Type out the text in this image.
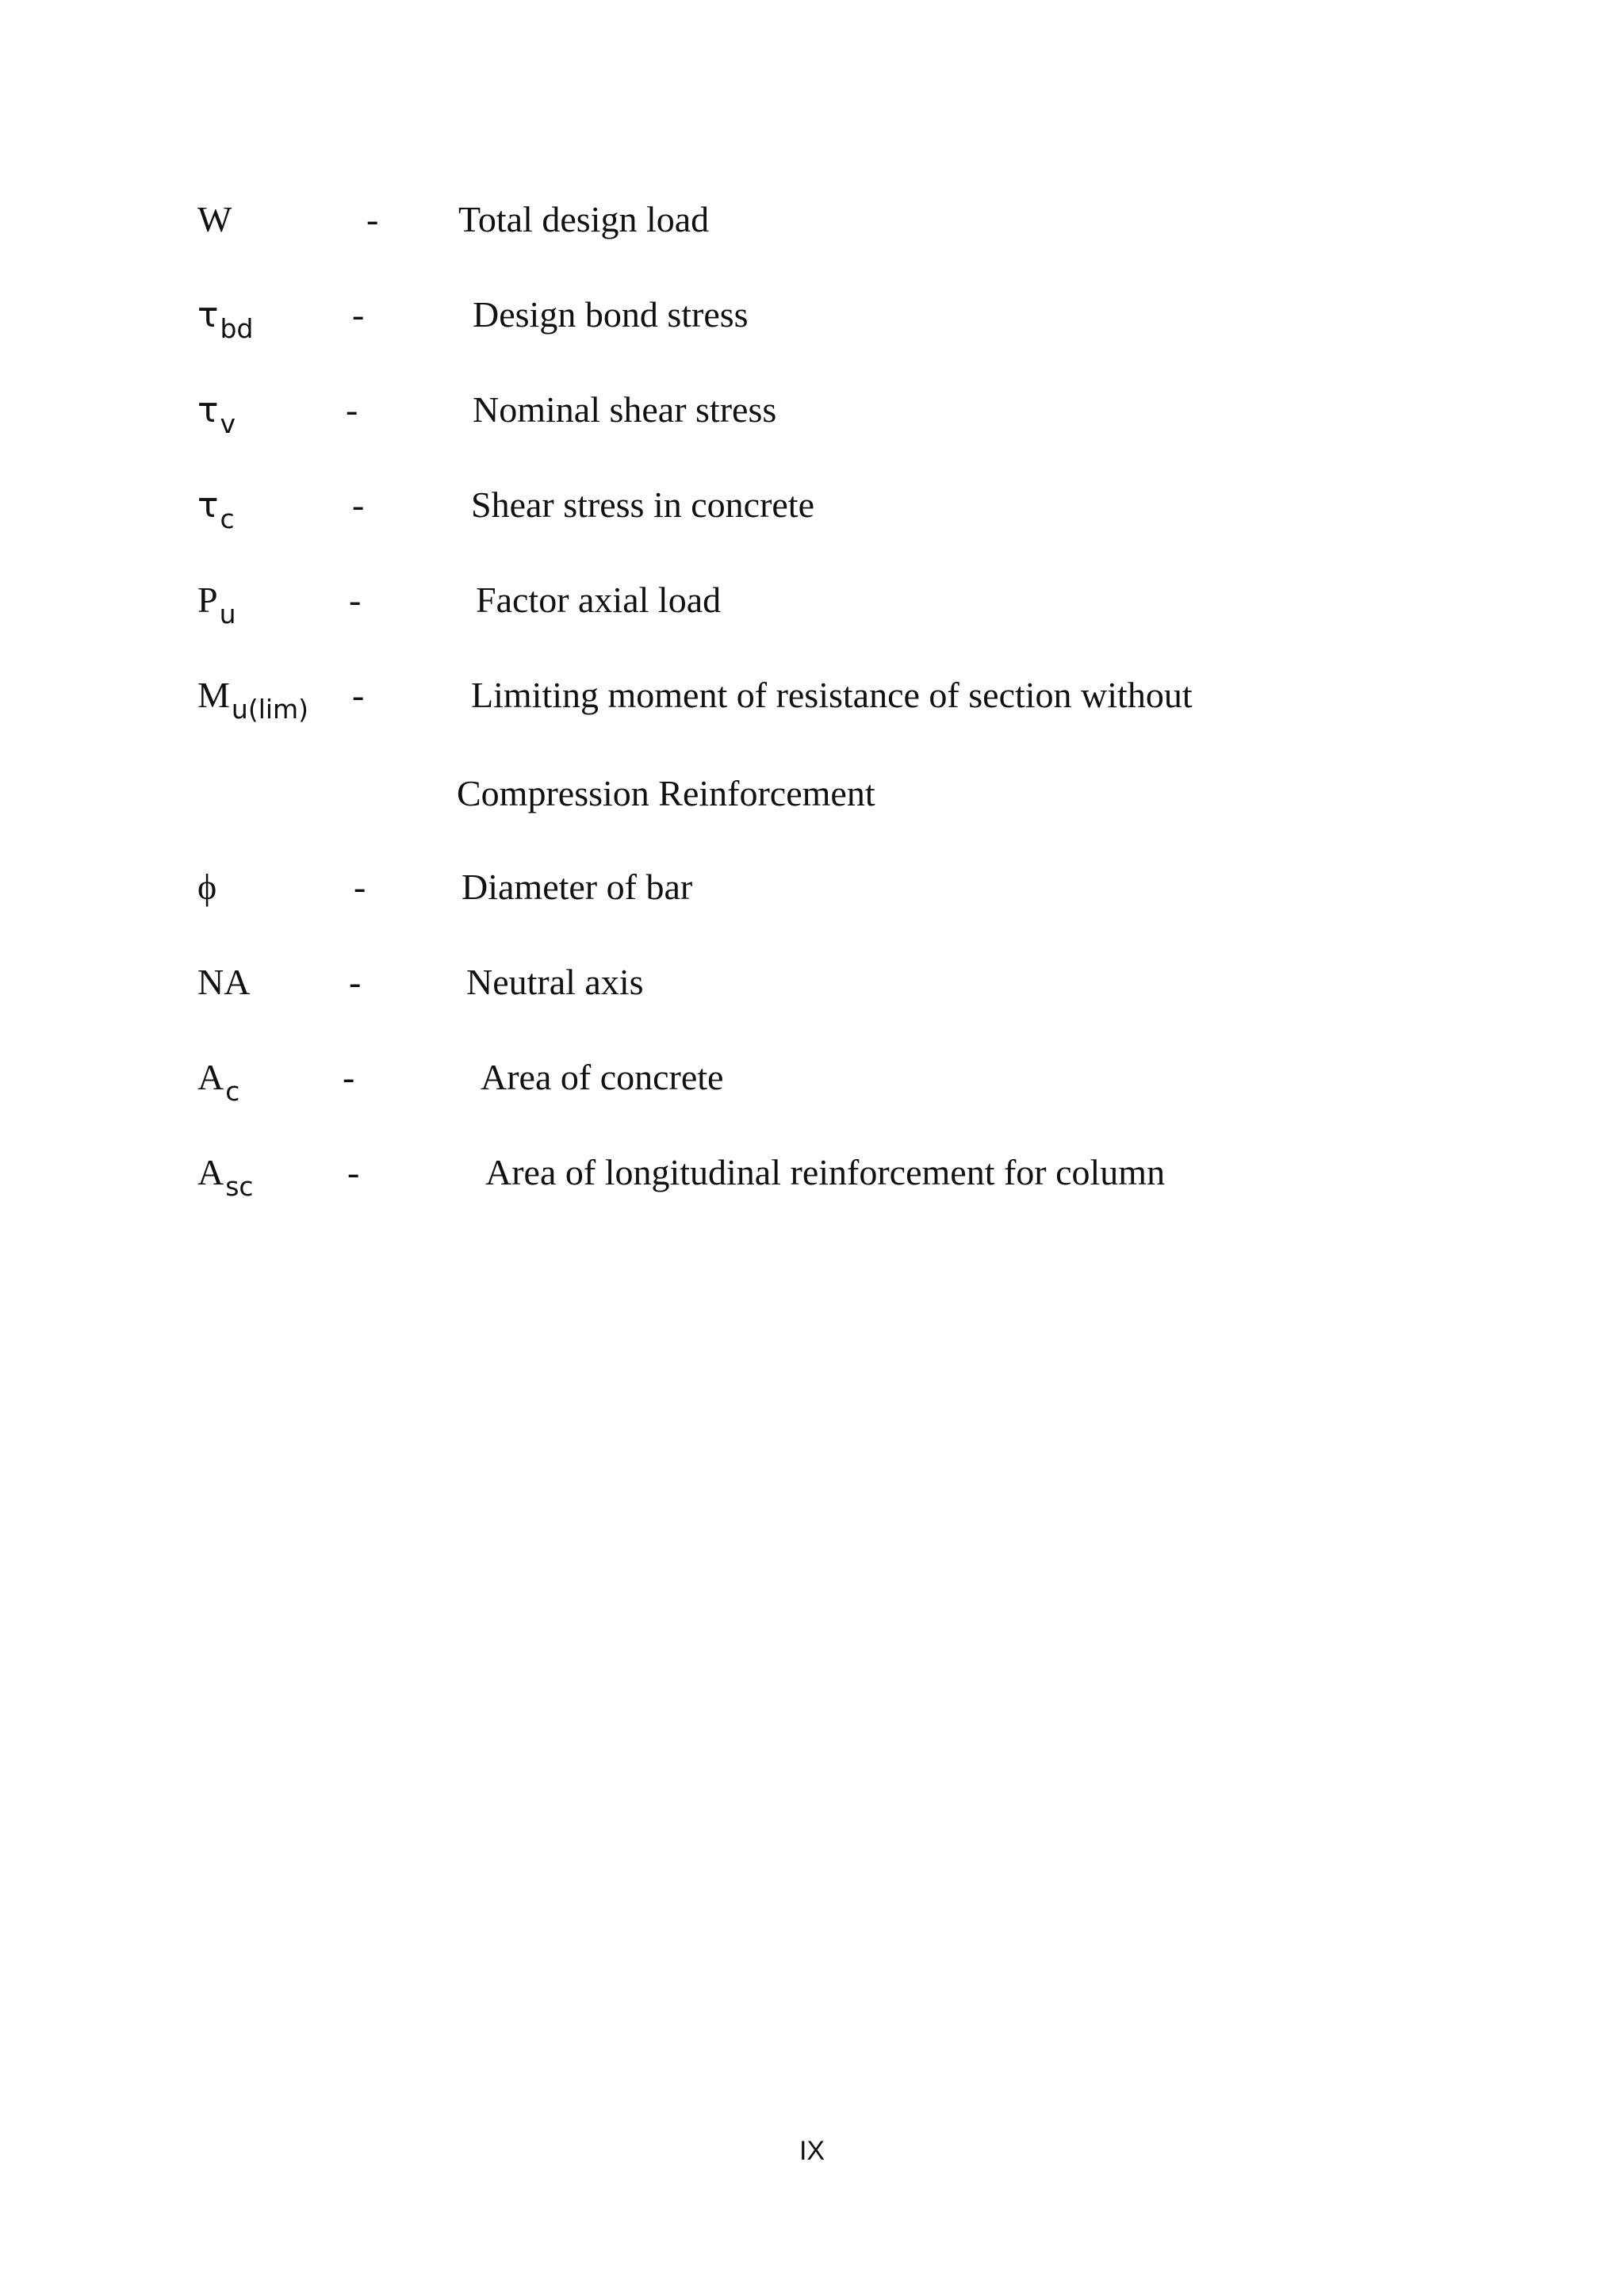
W	- Total design load
$\tau_{bd}$	-	Design bond stress
$\tau_v$	-	Nominal shear stress
$\tau_c$	-	Shear stress in concrete
$P_u$	-	Factor axial load
$M_{u(lim)}$ -	Limiting moment of resistance of section without
Compression Reinforcement
ϕ	-	Diameter of bar
NA	-	Neutral axis
$A_c$	-	Area of concrete
$A_{sc}$	-	Area of longitudinal reinforcement for column
IX
